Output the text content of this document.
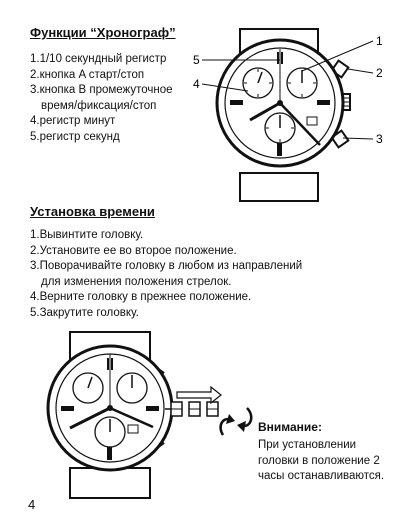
Функции “Хронограф”
1.1/10 секундный регистр
2.кнопка A старт/стоп
3.кнопка B промежуточное
время/фиксация/стоп
4.регистр минут
5.регистр секунд
1
2
3
4
5
Установка времени
1.Вывинтите головку.
2.Установите ее во второе положение.
3.Поворачивайте головку в любом из направлений
для изменения положения стрелок.
4.Верните головку в прежнее положение.
5.Закрутите головку.
Внимание:
При установлении
головки в положение 2
часы останавливаются.
4
